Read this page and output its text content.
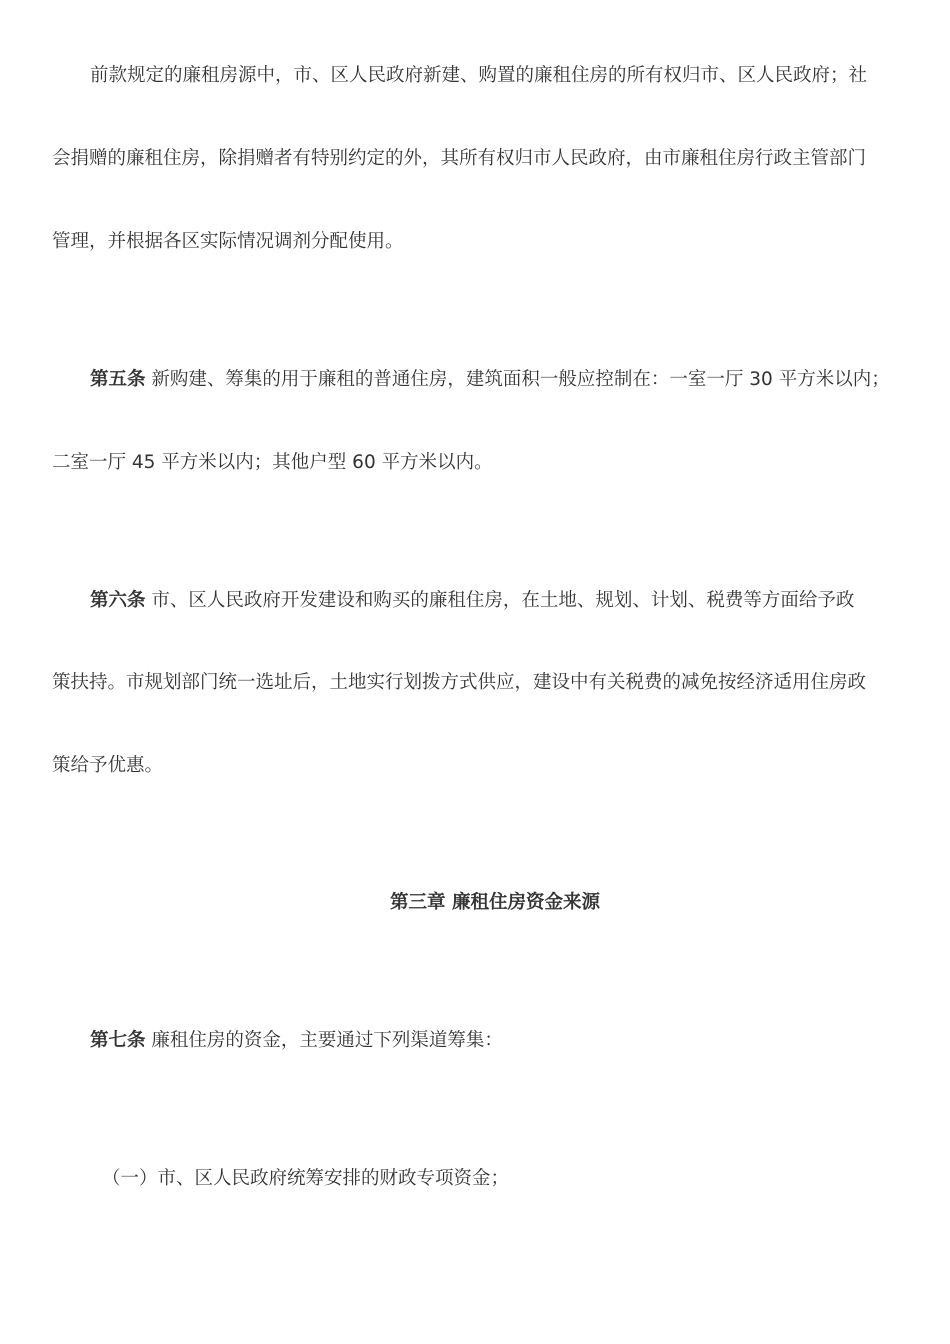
前款规定的廉租房源中，市、区人民政府新建、购置的廉租住房的所有权归市、区人民政府；社
会捐赠的廉租住房，除捐赠者有特别约定的外，其所有权归市人民政府，由市廉租住房行政主管部门
管理，并根据各区实际情况调剂分配使用。
第五条 新购建、筹集的用于廉租的普通住房，建筑面积一般应控制在：一室一厅 30 平方米以内；
二室一厅 45 平方米以内；其他户型 60 平方米以内。
第六条 市、区人民政府开发建设和购买的廉租住房，在土地、规划、计划、税费等方面给予政
策扶持。市规划部门统一选址后，土地实行划拨方式供应，建设中有关税费的减免按经济适用住房政
策给予优惠。
第三章 廉租住房资金来源
第七条 廉租住房的资金，主要通过下列渠道筹集：
（一）市、区人民政府统筹安排的财政专项资金；
